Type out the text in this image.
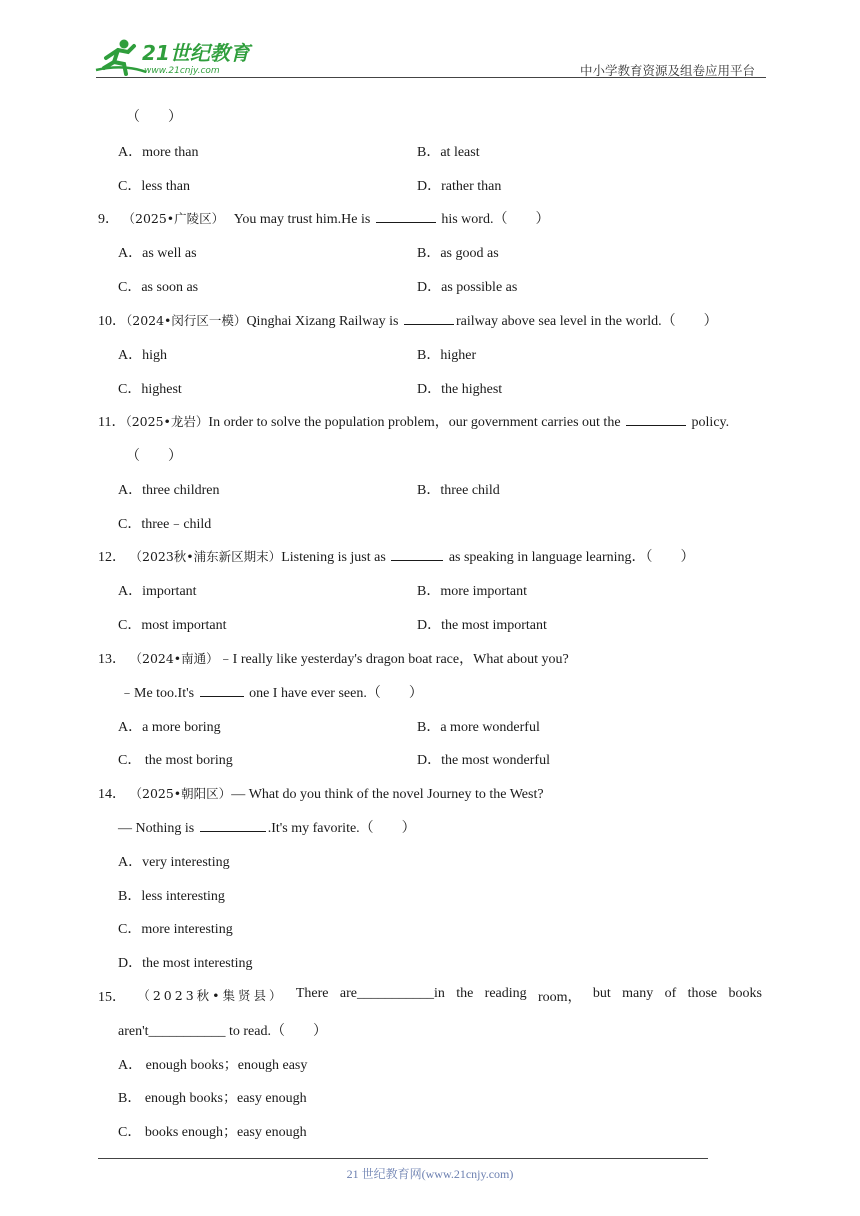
21世纪教育
www.21cnjy.com	中小学教育资源及组卷应用平台
（　　）
A．more than	B．at least
C．less than	D．rather than
9． （2025•广陵区） You may trust him.He is	his word.（　　）
A．as well as	B．as good as
C．as soon as	D．as possible as
10．（2024•闵行区一模）Qinghai Xizang Railway is	railway above sea level in the world.（　　）
A．high	B．higher
C．highest	D．the highest
11．（2025•龙岩）In order to solve the population problem，our government carries out the	policy.
（　　）
A．three children	B．three child
C．three﹣child
12． （2023秋•浦东新区期末）Listening is just as	as speaking in language learning．（　　）
A．important	B．more important
C．most important	D．the most important
13． （2024•南通）﹣I really like yesterday's dragon boat race，What about you?
﹣Me too.It's	one I have ever seen.（　　）
A．a more boring	B．a more wonderful
C． the most boring	D．the most wonderful
14． （2025•朝阳区）— What do you think of the novel Journey to the West?
— Nothing is	.It's my favorite.（　　）
A．very interesting
B．less interesting
C．more interesting
D．the most interesting
15． （2023秋•集贤县） There are___________in the reading room， but many of those books
aren't___________ to read.（　　）
A． enough books；enough easy
B． enough books；easy enough
C． books enough；easy enough
21 世纪教育网(www.21cnjy.com)
